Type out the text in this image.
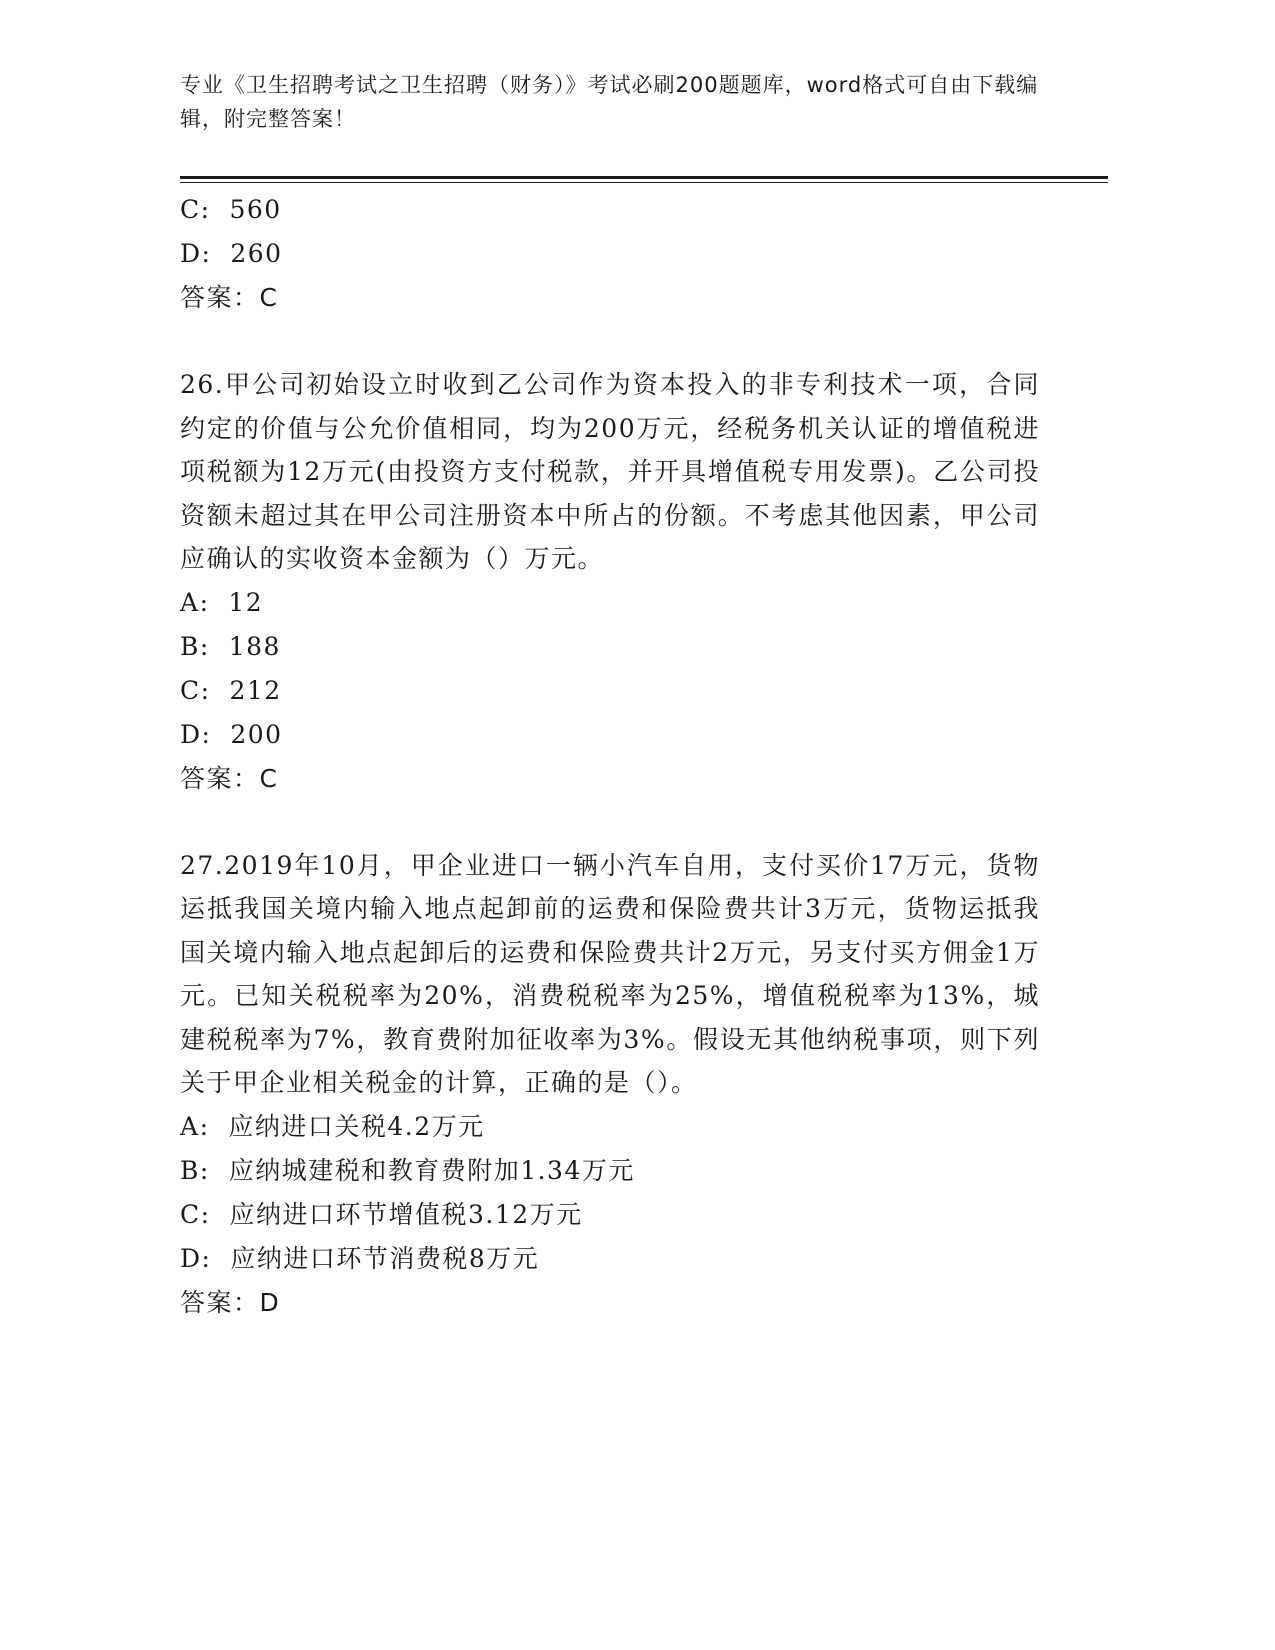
专业《卫生招聘考试之卫生招聘（财务）》考试必刷200题题库，word格式可自由下载编辑，附完整答案！
C:  560
D:  260
答案：C

26.甲公司初始设立时收到乙公司作为资本投入的非专利技术一项，合同约定的价值与公允价值相同，均为200万元，经税务机关认证的增值税进项税额为12万元(由投资方支付税款，并开具增值税专用发票)。乙公司投资额未超过其在甲公司注册资本中所占的份额。不考虑其他因素，甲公司应确认的实收资本金额为（）万元。

A:  12
B:  188
C:  212
D:  200
答案：C

27.2019年10月，甲企业进口一辆小汽车自用，支付买价17万元，货物运抵我国关境内输入地点起卸前的运费和保险费共计3万元，货物运抵我国关境内输入地点起卸后的运费和保险费共计2万元，另支付买方佣金1万元。已知关税税率为20%，消费税税率为25%，增值税税率为13%，城建税税率为7%，教育费附加征收率为3%。假设无其他纳税事项，则下列关于甲企业相关税金的计算，正确的是（）。

A:  应纳进口关税4.2万元
B:  应纳城建税和教育费附加1.34万元
C:  应纳进口环节增值税3.12万元
D:  应纳进口环节消费税8万元
答案：D
